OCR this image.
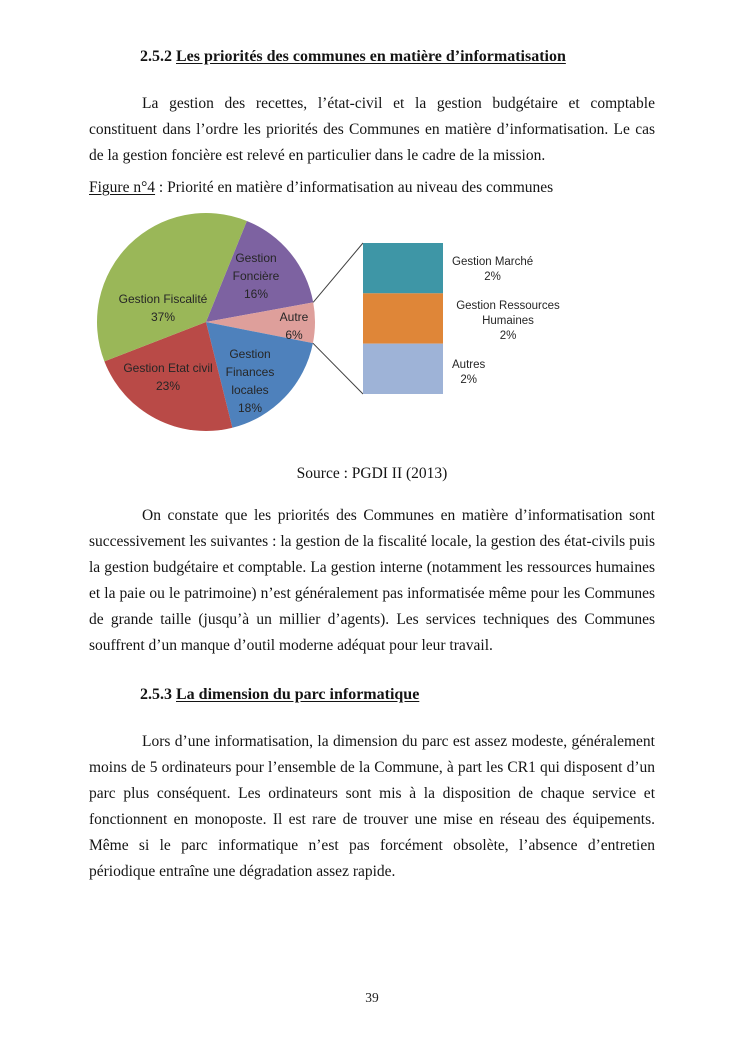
2.5.2 Les priorités des communes en matière d’informatisation

La gestion des recettes, l’état-civil et la gestion budgétaire et comptable constituent dans l’ordre les priorités des Communes en matière d’informatisation. Le cas de la gestion foncière est relevé en particulier dans le cadre de la mission.

Figure n°4 : Priorité en matière d’informatisation au niveau des communes
Gestion Foncière 16%
Autre 6%
Gestion Finances locales 18%
Gestion Etat civil 23%
Gestion Fiscalité 37%
Gestion Marché
2%
Gestion Ressources Humaines
2%
Autres
2%
Source : PGDI II (2013)

On constate que les priorités des Communes en matière d’informatisation sont successivement les suivantes : la gestion de la fiscalité locale, la gestion des état-civils puis la gestion budgétaire et comptable. La gestion interne (notamment les ressources humaines et la paie ou le patrimoine) n’est généralement pas informatisée même pour les Communes de grande taille (jusqu’à un millier d’agents). Les services techniques des Communes souffrent d’un manque d’outil moderne adéquat pour leur travail.

2.5.3 La dimension du parc informatique

Lors d’une informatisation, la dimension du parc est assez modeste, généralement moins de 5 ordinateurs pour l’ensemble de la Commune, à part les CR1 qui disposent d’un parc plus conséquent. Les ordinateurs sont mis à la disposition de chaque service et fonctionnent en monoposte. Il est rare de trouver une mise en réseau des équipements. Même si le parc informatique n’est pas forcément obsolète, l’absence d’entretien périodique entraîne une dégradation assez rapide.

39
